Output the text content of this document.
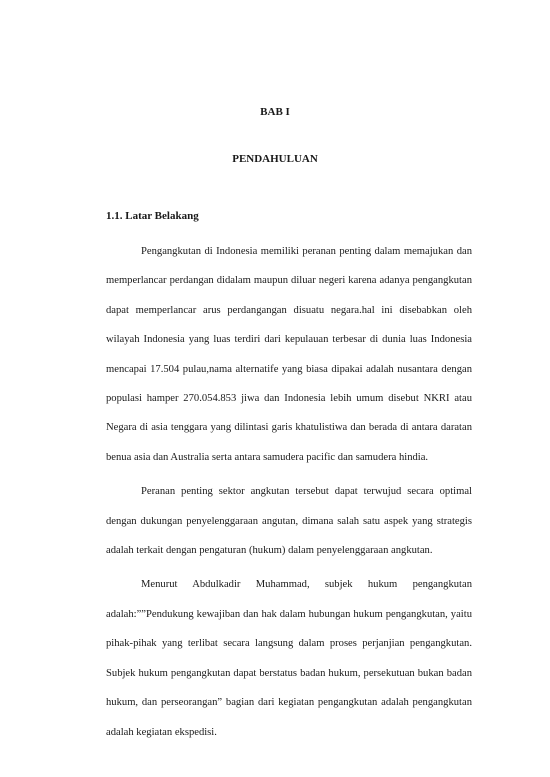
BAB I
PENDAHULUAN
1.1. Latar Belakang

Pengangkutan di Indonesia memiliki peranan penting dalam memajukan dan memperlancar perdangan didalam maupun diluar negeri karena adanya pengangkutan dapat memperlancar arus perdangangan disuatu negara.hal ini disebabkan oleh wilayah Indonesia yang luas terdiri dari kepulauan terbesar di dunia luas Indonesia mencapai 17.504 pulau,nama alternatife yang biasa dipakai adalah nusantara dengan populasi hamper 270.054.853 jiwa dan Indonesia lebih umum disebut NKRI atau Negara di asia tenggara yang dilintasi garis khatulistiwa dan berada di antara daratan benua asia dan Australia serta antara samudera pacific dan samudera hindia.

Peranan penting sektor angkutan tersebut dapat terwujud secara optimal dengan dukungan penyelenggaraan angutan, dimana salah satu aspek yang strategis adalah terkait dengan pengaturan (hukum) dalam penyelenggaraan angkutan.

Menurut Abdulkadir Muhammad, subjek hukum pengangkutan adalah:””Pendukung kewajiban dan hak dalam hubungan hukum pengangkutan, yaitu pihak-pihak yang terlibat secara langsung dalam proses perjanjian pengangkutan. Subjek hukum pengangkutan dapat berstatus badan hukum, persekutuan bukan badan hukum, dan perseorangan” bagian dari kegiatan pengangkutan adalah pengangkutan adalah kegiatan ekspedisi.
